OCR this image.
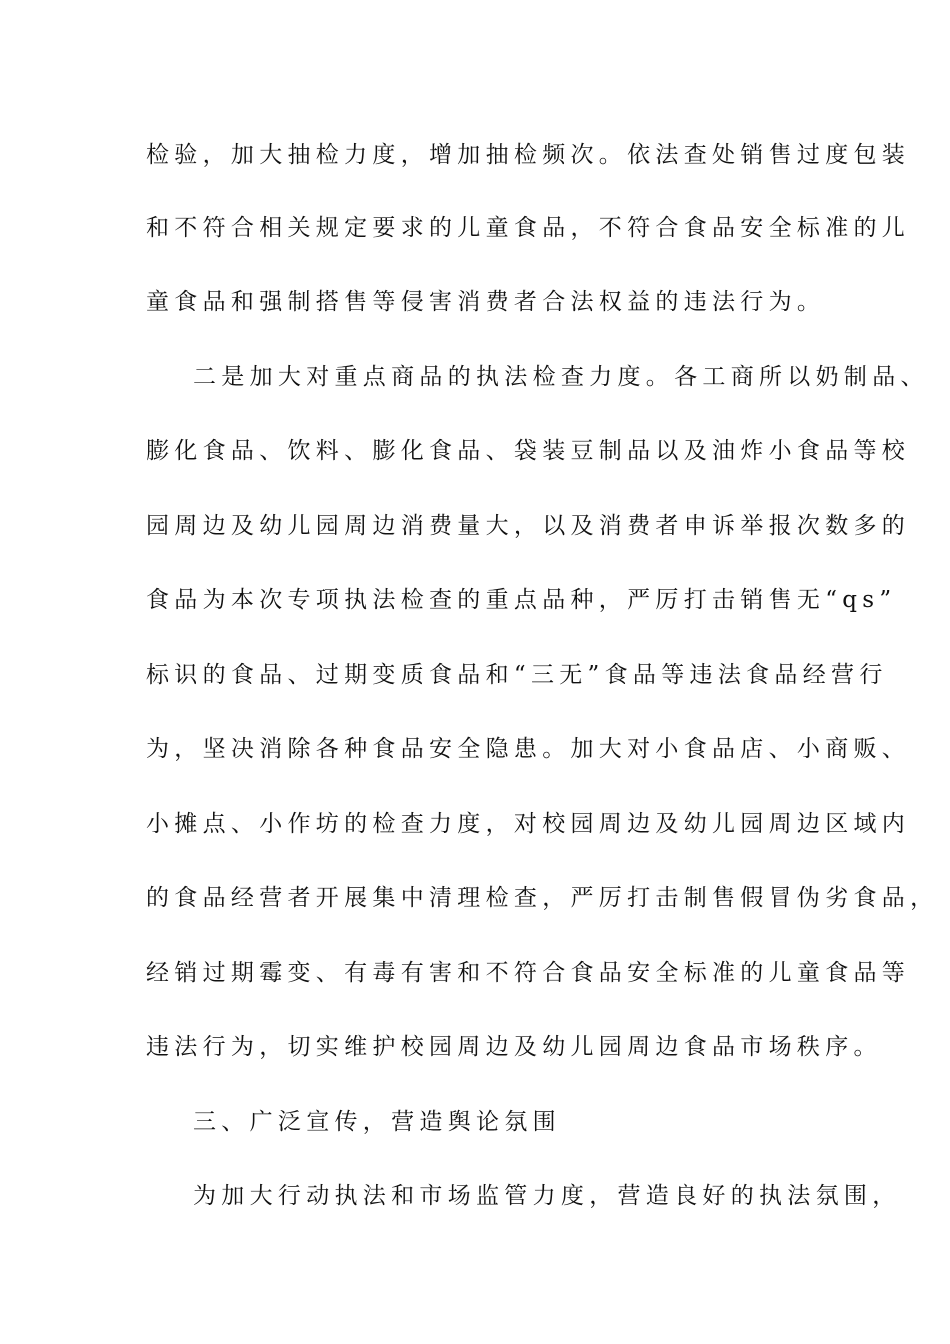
检验，加大抽检力度，增加抽检频次。依法查处销售过度包装
和不符合相关规定要求的儿童食品，不符合食品安全标准的儿
童食品和强制搭售等侵害消费者合法权益的违法行为。
二是加大对重点商品的执法检查力度。各工商所以奶制品、
膨化食品、饮料、膨化食品、袋装豆制品以及油炸小食品等校
园周边及幼儿园周边消费量大，以及消费者申诉举报次数多的
食品为本次专项执法检查的重点品种，严厉打击销售无“qs”
标识的食品、过期变质食品和“三无”食品等违法食品经营行
为，坚决消除各种食品安全隐患。加大对小食品店、小商贩、
小摊点、小作坊的检查力度，对校园周边及幼儿园周边区域内
的食品经营者开展集中清理检查，严厉打击制售假冒伪劣食品，
经销过期霉变、有毒有害和不符合食品安全标准的儿童食品等
违法行为，切实维护校园周边及幼儿园周边食品市场秩序。
三、广泛宣传，营造舆论氛围
为加大行动执法和市场监管力度，营造良好的执法氛围，
